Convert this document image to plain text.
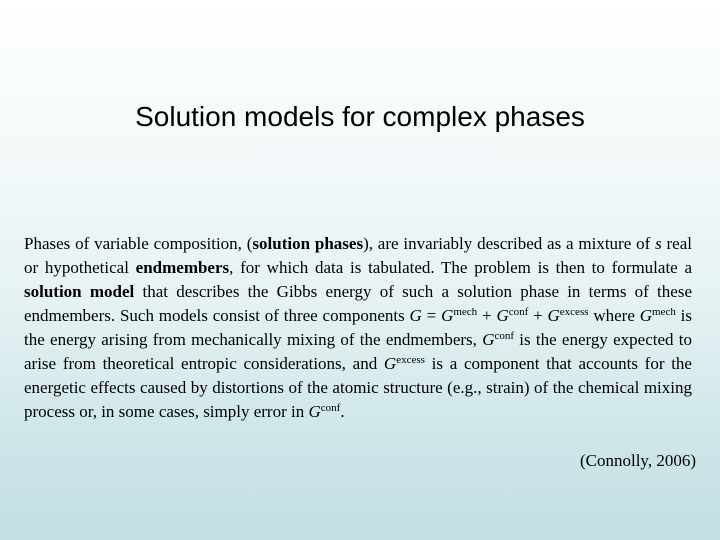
Solution models for complex phases

Phases of variable composition, (solution phases), are invariably described as a mixture of s real or hypothetical endmembers, for which data is tabulated. The problem is then to formulate a solution model that describes the Gibbs energy of such a solution phase in terms of these endmembers. Such models consist of three components $G = G^{mech} + G^{conf} + G^{excess}$ where $G^{mech}$ is the energy arising from mechanically mixing of the endmembers, $G^{conf}$ is the energy expected to arise from theoretical entropic considerations, and $G^{excess}$ is a component that accounts for the energetic effects caused by distortions of the atomic structure (e.g., strain) of the chemical mixing process or, in some cases, simply error in $G^{conf}$.

(Connolly, 2006)
